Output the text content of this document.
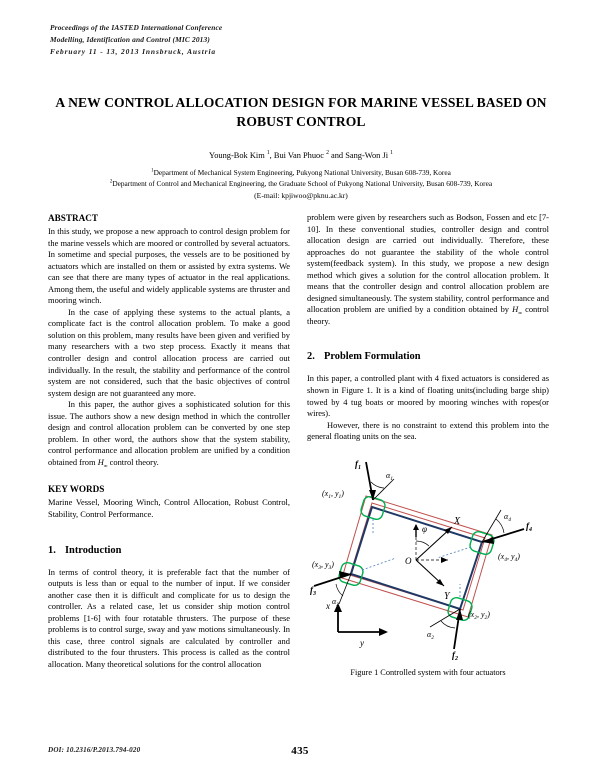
Proceedings of the IASTED International Conference
Modelling, Identification and Control (MIC 2013)
February 11 - 13, 2013 Innsbruck, Austria
A NEW CONTROL ALLOCATION DESIGN FOR MARINE VESSEL BASED ON ROBUST CONTROL
Young-Bok Kim $^1$, Bui Van Phuoc $^2$ and Sang-Won Ji $^1$
$^1$Department of Mechanical System Engineering, Pukyong National University, Busan 608-739, Korea
$^2$Department of Control and Mechanical Engineering, the Graduate School of Pukyong National University, Busan 608-739, Korea
(E-mail: kpjiwoo@pknu.ac.kr)
ABSTRACT

In this study, we propose a new approach to control design problem for the marine vessels which are moored or controlled by several actuators. In sometime and special purposes, the vessels are to be positioned by actuators which are installed on them or assisted by extra systems. We can see that there are many types of actuator in the real applications. Among them, the useful and widely applicable systems are thruster and mooring winch.

In the case of applying these systems to the actual plants, a complicate fact is the control allocation problem. To make a good solution on this problem, many results have been given and verified by many researchers with a two step process. Exactly it means that controller design and control allocation process are carried out individually. In the result, the stability and performance of the control system are not considered, such that the basic objectives of control system design are not guaranteed any more.

In this paper, the author gives a sophisticated solution for this issue. The authors show a new design method in which the controller design and control allocation problem can be converted by one step problem. In other word, the authors show that the system stability, control performance and allocation problem are unified by a condition obtained from $H_\infty$ control theory.

KEY WORDS

Marine Vessel, Mooring Winch, Control Allocation, Robust Control, Stability, Control Performance.

1. Introduction

In terms of control theory, it is preferable fact that the number of outputs is less than or equal to the number of input. If we consider another case then it is difficult and complicate for us to design the controller. As a related case, let us consider ship motion control problems [1-6] with four rotatable thrusters. The purpose of these problems is to control surge, sway and yaw motions simultaneously. In this case, three control signals are calculated by controller and distributed to the four thrusters. This process is called as the control allocation. Many theoretical solutions for the control allocation

problem were given by researchers such as Bodson, Fossen and etc [7-10]. In these conventional studies, controller design and control allocation design are carried out individually. Therefore, these approaches do not guarantee the stability of the whole control system(feedback system). In this study, we propose a new design method which gives a solution for the control allocation problem. It means that the controller design and control allocation problem are designed simultaneously. The system stability, control performance and allocation problem are unified by a condition obtained by $H_\infty$ control theory.

2. Problem Formulation

In this paper, a controlled plant with 4 fixed actuators is considered as shown in Figure 1. It is a kind of floating units(including barge ship) towed by 4 tug boats or moored by mooring winches with ropes(or wires).

However, there is no constraint to extend this problem into the general floating units on the sea.

$f_1$
$f_4$
$f_3$
$f_2$
$\alpha_1$
$\alpha_4$
$\alpha_3$
$\alpha_2$
($x_1$, $y_1$)
($x_4$, $y_4$)
($x_3$, $y_3$)
($x_2$, $y_2$)
X
Y
O
φ
x
y
Figure 1 Controlled system with four actuators
DOI: 10.2316/P.2013.794-020	435
